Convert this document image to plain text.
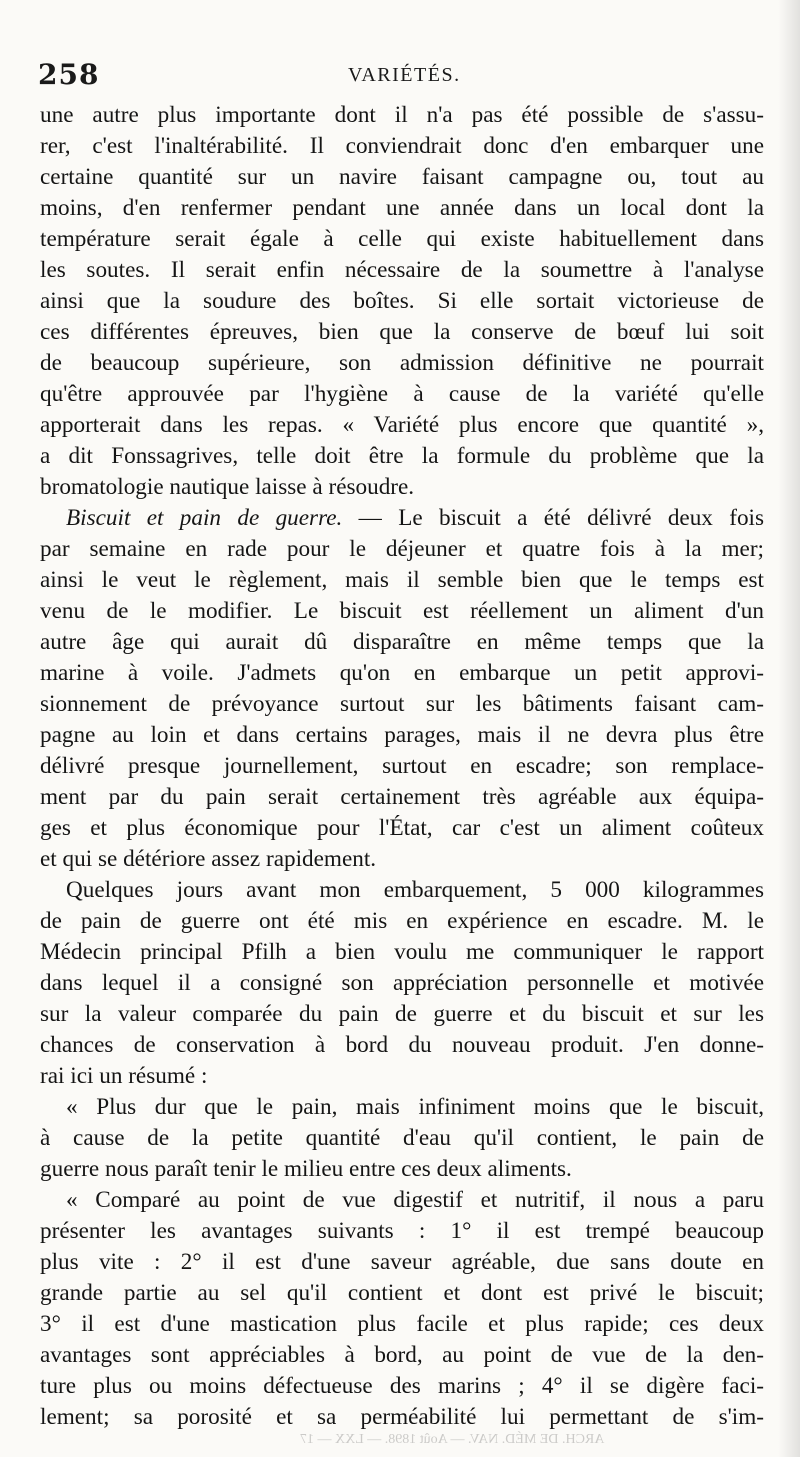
258	VARIÉTÉS.
une autre plus importante dont il n'a pas été possible de s'assu-
rer, c'est l'inaltérabilité. Il conviendrait donc d'en embarquer une
certaine quantité sur un navire faisant campagne ou, tout au
moins, d'en renfermer pendant une année dans un local dont la
température serait égale à celle qui existe habituellement dans
les soutes. Il serait enfin nécessaire de la soumettre à l'analyse
ainsi que la soudure des boîtes. Si elle sortait victorieuse de
ces différentes épreuves, bien que la conserve de bœuf lui soit
de beaucoup supérieure, son admission définitive ne pourrait
qu'être approuvée par l'hygiène à cause de la variété qu'elle
apporterait dans les repas. « Variété plus encore que quantité »,
a dit Fonssagrives, telle doit être la formule du problème que la
bromatologie nautique laisse à résoudre.
Biscuit et pain de guerre. — Le biscuit a été délivré deux fois
par semaine en rade pour le déjeuner et quatre fois à la mer;
ainsi le veut le règlement, mais il semble bien que le temps est
venu de le modifier. Le biscuit est réellement un aliment d'un
autre âge qui aurait dû disparaître en même temps que la
marine à voile. J'admets qu'on en embarque un petit approvi-
sionnement de prévoyance surtout sur les bâtiments faisant cam-
pagne au loin et dans certains parages, mais il ne devra plus être
délivré presque journellement, surtout en escadre; son remplace-
ment par du pain serait certainement très agréable aux équipa-
ges et plus économique pour l'État, car c'est un aliment coûteux
et qui se détériore assez rapidement.
Quelques jours avant mon embarquement, 5 000 kilogrammes
de pain de guerre ont été mis en expérience en escadre. M. le
Médecin principal Pfilh a bien voulu me communiquer le rapport
dans lequel il a consigné son appréciation personnelle et motivée
sur la valeur comparée du pain de guerre et du biscuit et sur les
chances de conservation à bord du nouveau produit. J'en donne-
rai ici un résumé :
« Plus dur que le pain, mais infiniment moins que le biscuit,
à cause de la petite quantité d'eau qu'il contient, le pain de
guerre nous paraît tenir le milieu entre ces deux aliments.
« Comparé au point de vue digestif et nutritif, il nous a paru
présenter les avantages suivants : 1° il est trempé beaucoup
plus vite : 2° il est d'une saveur agréable, due sans doute en
grande partie au sel qu'il contient et dont est privé le biscuit;
3° il est d'une mastication plus facile et plus rapide; ces deux
avantages sont appréciables à bord, au point de vue de la den-
ture plus ou moins défectueuse des marins ; 4° il se digère faci-
lement; sa porosité et sa perméabilité lui permettant de s'im-
ARCH. DE MÉD. NAV. — Août 1898. — LXX — 17
